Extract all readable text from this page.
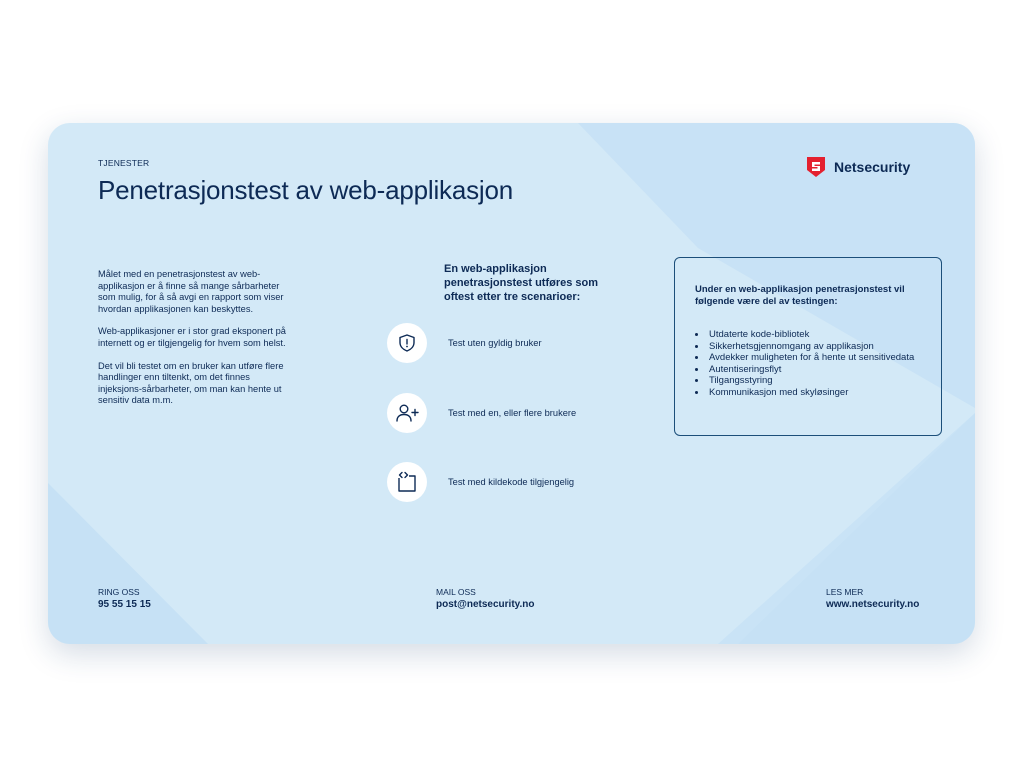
TJENESTER
Penetrasjonstest av web-applikasjon
Netsecurity

Målet med en penetrasjonstest av web-applikasjon er å finne så mange sårbarheter som mulig, for å så avgi en rapport som viser hvordan applikasjonen kan beskyttes.

Web-applikasjoner er i stor grad eksponert på internett og er tilgjengelig for hvem som helst.

Det vil bli testet om en bruker kan utføre flere handlinger enn tiltenkt, om det finnes injeksjons-sårbarheter, om man kan hente ut sensitiv data m.m.

En web-applikasjon penetrasjonstest utføres som oftest etter tre scenarioer:
Test uten gyldig bruker
Test med en, eller flere brukere
Test med kildekode tilgjengelig

Under en web-applikasjon penetrasjonstest vil følgende være del av testingen:

• Utdaterte kode-bibliotek
• Sikkerhetsgjennomgang av applikasjon
• Avdekker muligheten for å hente ut sensitivedata
• Autentiseringsflyt
• Tilgangsstyring
• Kommunikasjon med skyløsinger
RING OSS
95 55 15 15
MAIL OSS
post@netsecurity.no
LES MER
www.netsecurity.no
